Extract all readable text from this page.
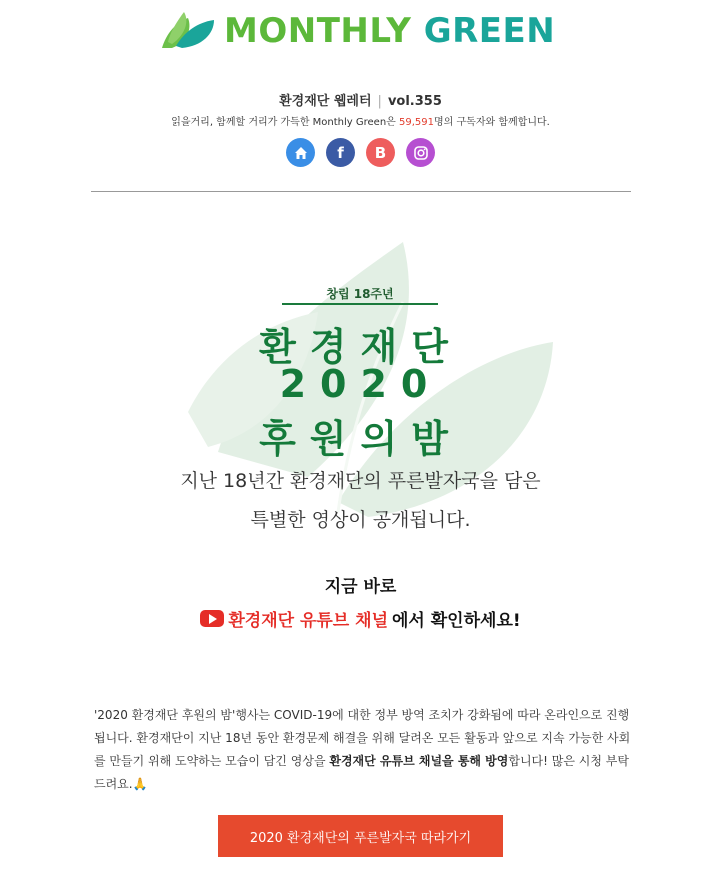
MONTHLY GREEN
환경재단 웹레터 | vol.355
읽을거리, 함께할 거리가 가득한 Monthly Green은 59,591명의 구독자와 함께합니다.
f B
창립 18주년
환경재단
2020
후원의밤
지난 18년간 환경재단의 푸른발자국을 담은
특별한 영상이 공개됩니다.
지금 바로
환경재단 유튜브 채널 에서 확인하세요!
'2020 환경재단 후원의 밤'행사는 COVID-19에 대한 정부 방역 조치가 강화됨에 따라 온라인으로 진행됩니다. 환경재단이 지난 18년 동안 환경문제 해결을 위해 달려온 모든 활동과 앞으로 지속 가능한 사회를 만들기 위해 도약하는 모습이 담긴 영상을 환경재단 유튜브 채널을 통해 방영합니다! 많은 시청 부탁드려요.🙏
2020 환경재단의 푸른발자국 따라가기
